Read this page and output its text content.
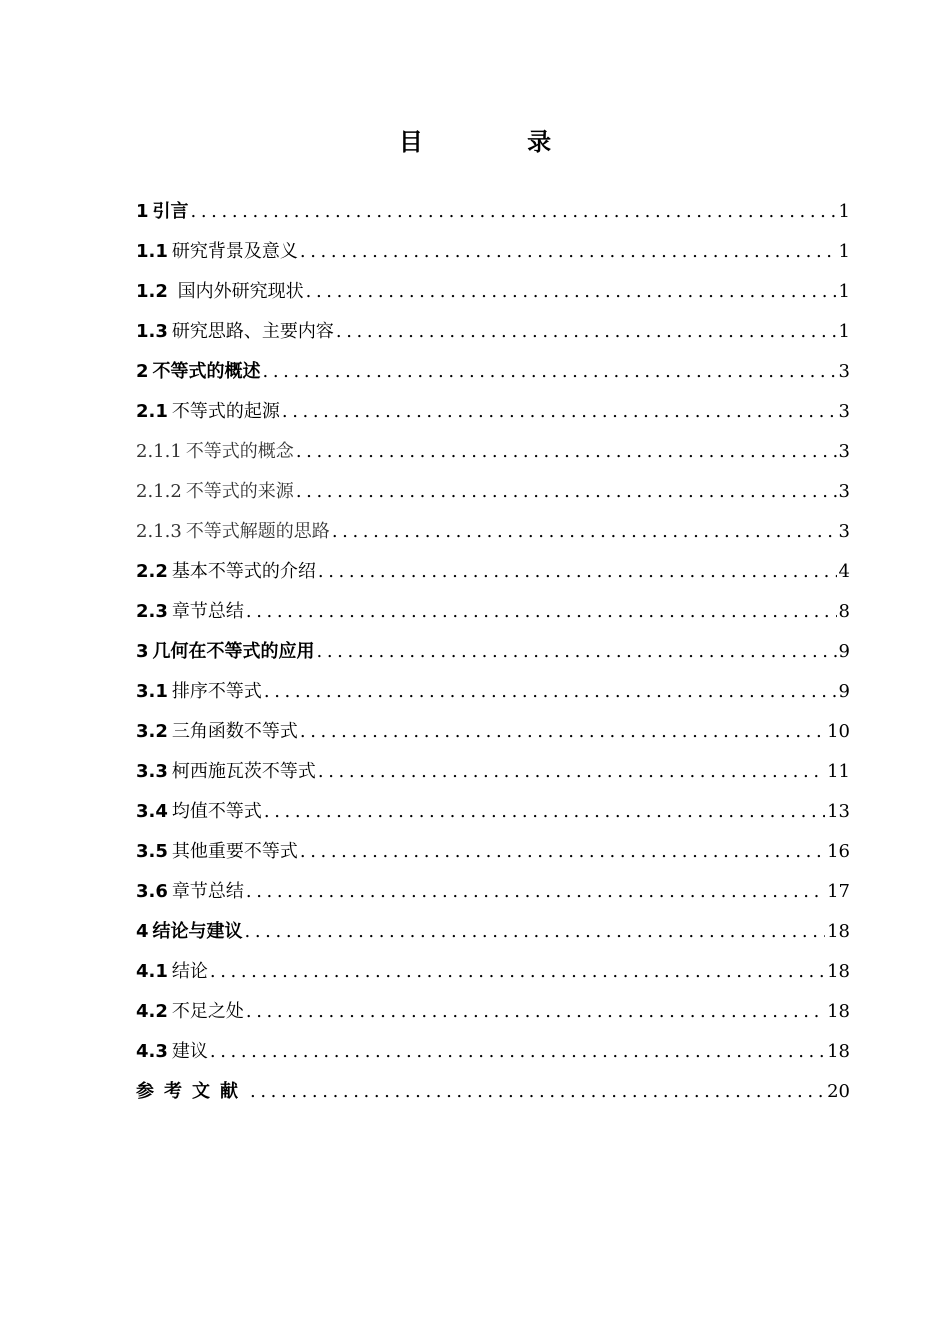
目 录
1 引言 .....	1
1.1 研究背景及意义 .....	1
1.2 国内外研究现状 .....	1
1.3 研究思路、主要内容 .....	1
2 不等式的概述 .....	3
2.1 不等式的起源 .....	3
2.1.1 不等式的概念 .....	3
2.1.2 不等式的来源 .....	3
2.1.3 不等式解题的思路 .....	3
2.2 基本不等式的介绍 .....	4
2.3 章节总结 .....	8
3 几何在不等式的应用 .....	9
3.1 排序不等式 .....	9
3.2 三角函数不等式 .....	10
3.3 柯西施瓦茨不等式 .....	11
3.4 均值不等式 .....	13
3.5 其他重要不等式 .....	16
3.6 章节总结 .....	17
4 结论与建议 .....	18
4.1 结论 .....	18
4.2 不足之处 .....	18
4.3 建议 .....	18
参考文献 .....	20
